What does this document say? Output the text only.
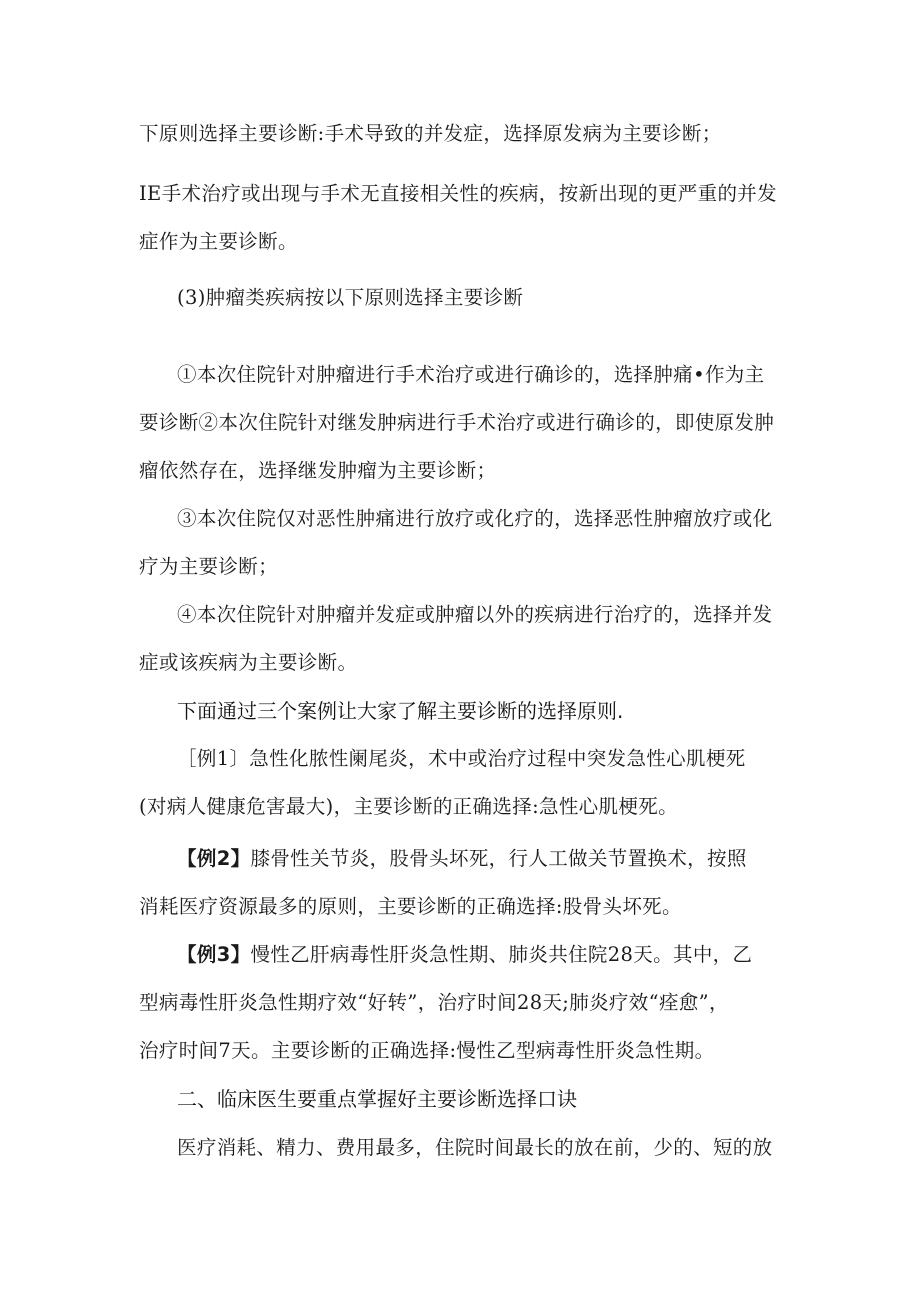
下原则选择主要诊断:手术导致的并发症，选择原发病为主要诊断；
IE手术治疗或出现与手术无直接相关性的疾病，按新出现的更严重的并发
症作为主要诊断。
(3)肿瘤类疾病按以下原则选择主要诊断
①本次住院针对肿瘤进行手术治疗或进行确诊的，选择肿痛•作为主
要诊断②本次住院针对继发肿病进行手术治疗或进行确诊的，即使原发肿
瘤依然存在，选择继发肿瘤为主要诊断；
③本次住院仅对恶性肿痛进行放疗或化疗的，选择恶性肿瘤放疗或化
疗为主要诊断；
④本次住院针对肿瘤并发症或肿瘤以外的疾病进行治疗的，选择并发
症或该疾病为主要诊断。
下面通过三个案例让大家了解主要诊断的选择原则.
［例1〕急性化脓性阑尾炎，术中或治疗过程中突发急性心肌梗死
(对病人健康危害最大)，主要诊断的正确选择:急性心肌梗死。
【例2】膝骨性关节炎，股骨头坏死，行人工做关节置换术，按照
消耗医疗资源最多的原则，主要诊断的正确选择:股骨头坏死。
【例3】慢性乙肝病毒性肝炎急性期、肺炎共住院28天。其中，乙
型病毒性肝炎急性期疗效“好转”，治疗时间28天;肺炎疗效“痊愈”，
治疗时间7天。主要诊断的正确选择:慢性乙型病毒性肝炎急性期。
二、临床医生要重点掌握好主要诊断选择口诀
医疗消耗、精力、费用最多，住院时间最长的放在前，少的、短的放
